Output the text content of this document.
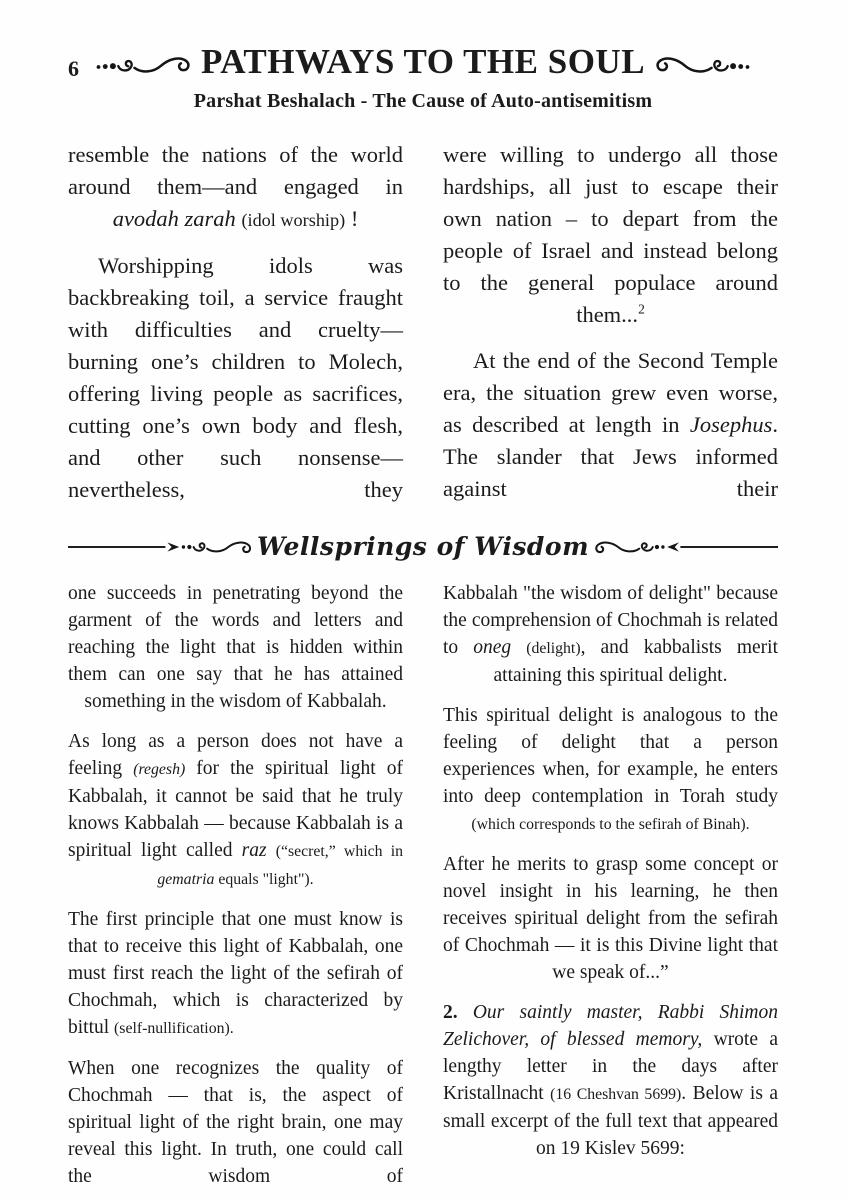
6	PATHWAYS TO THE SOUL
Parshat Beshalach - The Cause of Auto-antisemitism

resemble the nations of the world around them—and engaged in avodah zarah (idol worship) !

Worshipping idols was backbreaking toil, a service fraught with difficulties and cruelty—burning one’s children to Molech, offering living people as sacrifices, cutting one’s own body and flesh, and other such nonsense—nevertheless, they

were willing to undergo all those hardships, all just to escape their own nation – to depart from the people of Israel and instead belong to the general populace around them...$^2$

At the end of the Second Temple era, the situation grew even worse, as described at length in Josephus. The slander that Jews informed against their

Wellsprings of Wisdom

one succeeds in penetrating beyond the garment of the words and letters and reaching the light that is hidden within them can one say that he has attained something in the wisdom of Kabbalah.

As long as a person does not have a feeling (regesh) for the spiritual light of Kabbalah, it cannot be said that he truly knows Kabbalah — because Kabbalah is a spiritual light called raz (“secret,” which in gematria equals "light").

The first principle that one must know is that to receive this light of Kabbalah, one must first reach the light of the sefirah of Chochmah, which is characterized by bittul (self-nullification).

When one recognizes the quality of Chochmah — that is, the aspect of spiritual light of the right brain, one may reveal this light. In truth, one could call the wisdom of

Kabbalah "the wisdom of delight" because the comprehension of Chochmah is related to oneg (delight), and kabbalists merit attaining this spiritual delight.

This spiritual delight is analogous to the feeling of delight that a person experiences when, for example, he enters into deep contemplation in Torah study (which corresponds to the sefirah of Binah).

After he merits to grasp some concept or novel insight in his learning, he then receives spiritual delight from the sefirah of Chochmah — it is this Divine light that we speak of...”

2. Our saintly master, Rabbi Shimon Zelichover, of blessed memory, wrote a lengthy letter in the days after Kristallnacht (16 Cheshvan 5699). Below is a small excerpt of the full text that appeared on 19 Kislev 5699:
